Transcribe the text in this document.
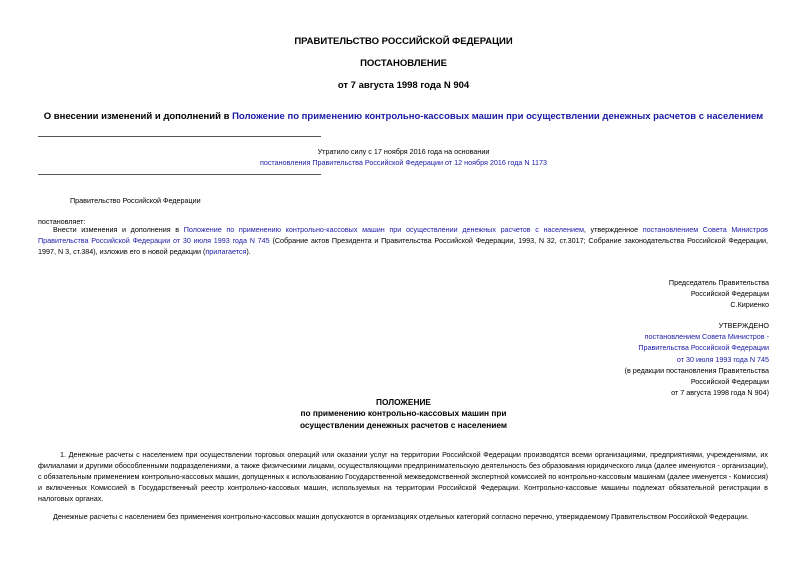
ПРАВИТЕЛЬСТВО РОССИЙСКОЙ ФЕДЕРАЦИИ
ПОСТАНОВЛЕНИЕ
от 7 августа 1998 года N 904
О внесении изменений и дополнений в Положение по применению контрольно-кассовых машин при осуществлении денежных расчетов с населением
Утратило силу с 17 ноября 2016 года на основании
постановления Правительства Российской Федерации от 12 ноября 2016 года N 1173
Правительство Российской Федерации
постановляет:
Внести изменения и дополнения в Положение по применению контрольно-кассовых машин при осуществлении денежных расчетов с населением, утвержденное постановлением Совета Министров Правительства Российской Федерации от 30 июля 1993 года N 745 (Собрание актов Президента и Правительства Российской Федерации, 1993, N 32, ст.3017; Собрание законодательства Российской Федерации, 1997, N 3, ст.384), изложив его в новой редакции (прилагается).
Председатель Правительства
Российской Федерации
С.Кириенко
УТВЕРЖДЕНО
постановлением Совета Министров -
Правительства Российской Федерации
от 30 июля 1993 года N 745
(в редакции постановления Правительства
Российской Федерации
от 7 августа 1998 года N 904)
ПОЛОЖЕНИЕ
по применению контрольно-кассовых машин при
осуществлении денежных расчетов с населением
1. Денежные расчеты с населением при осуществлении торговых операций или оказании услуг на территории Российской Федерации производятся всеми организациями, предприятиями, учреждениями, их филиалами и другими обособленными подразделениями, а также физическими лицами, осуществляющими предпринимательскую деятельность без образования юридического лица (далее именуются - организации), с обязательным применением контрольно-кассовых машин, допущенных к использованию Государственной межведомственной экспертной комиссией по контрольно-кассовым машинам (далее именуется - Комиссия) и включенных Комиссией в Государственный реестр контрольно-кассовых машин, используемых на территории Российской Федерации. Контрольно-кассовые машины подлежат обязательной регистрации в налоговых органах.
Денежные расчеты с населением без применения контрольно-кассовых машин допускаются в организациях отдельных категорий согласно перечню, утверждаемому Правительством Российской Федерации.
